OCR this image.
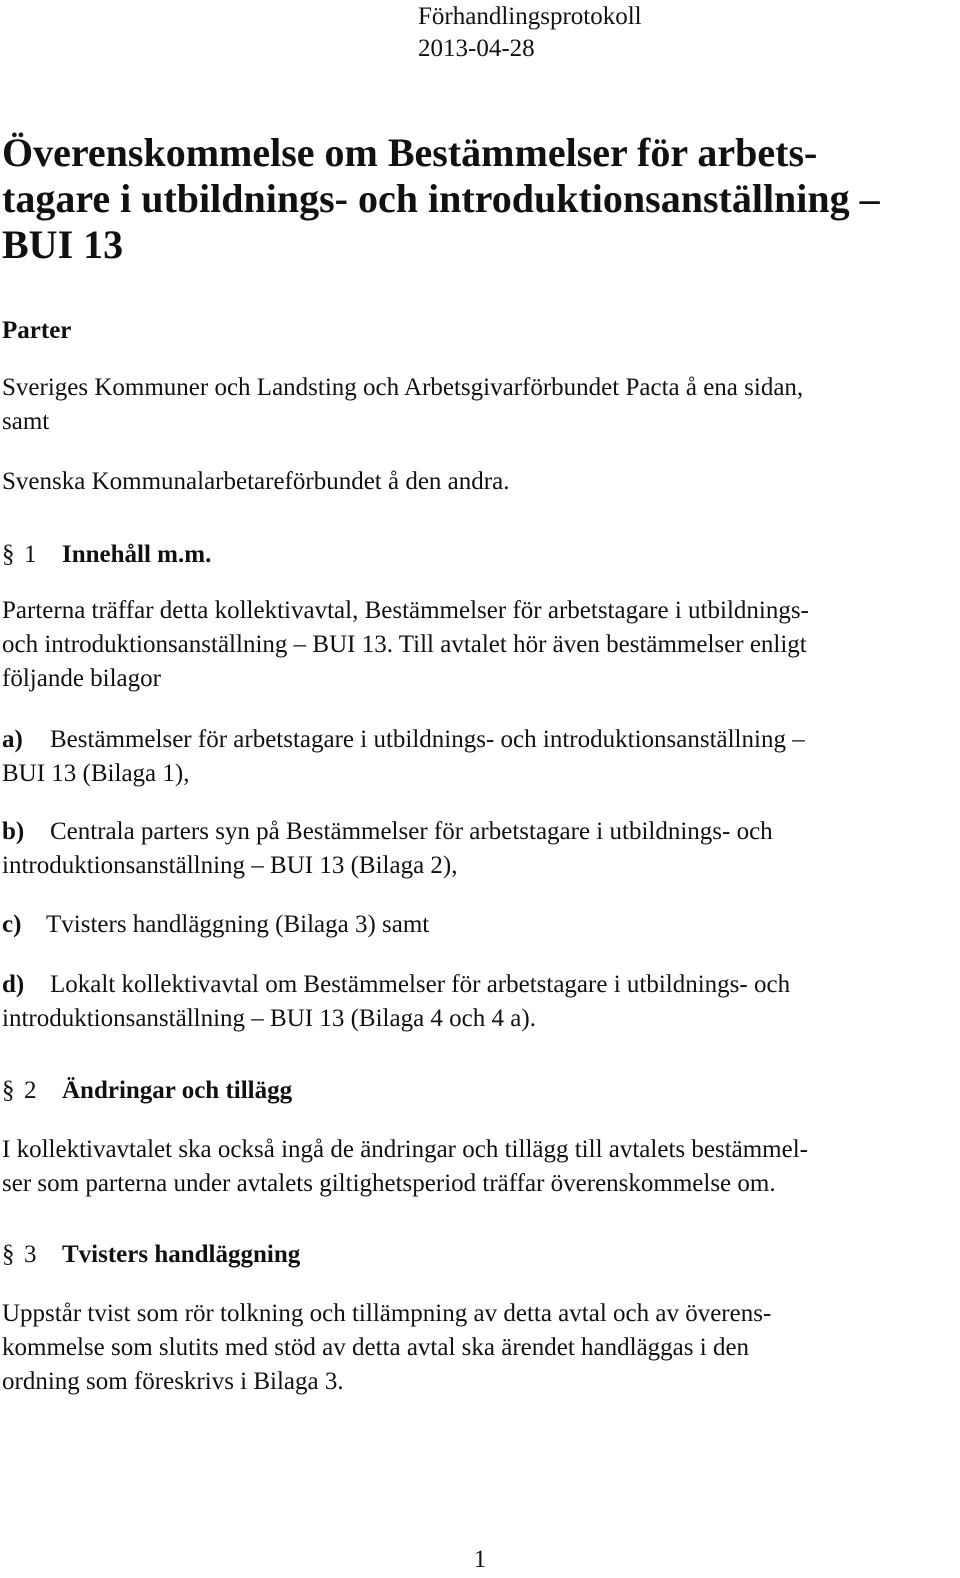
Förhandlingsprotokoll
2013-04-28
Överenskommelse om Bestämmelser för arbets-
tagare i utbildnings- och introduktionsanställning –
BUI 13
Parter
Sveriges Kommuner och Landsting och Arbetsgivarförbundet Pacta å ena sidan,
samt
Svenska Kommunalarbetareförbundet å den andra.
§ 1 Innehåll m.m.
Parterna träffar detta kollektivavtal, Bestämmelser för arbetstagare i utbildnings-
och introduktionsanställning – BUI 13. Till avtalet hör även bestämmelser enligt
följande bilagor
a) Bestämmelser för arbetstagare i utbildnings- och introduktionsanställning –
BUI 13 (Bilaga 1),
b) Centrala parters syn på Bestämmelser för arbetstagare i utbildnings- och
introduktionsanställning – BUI 13 (Bilaga 2),
c) Tvisters handläggning (Bilaga 3) samt
d) Lokalt kollektivavtal om Bestämmelser för arbetstagare i utbildnings- och
introduktionsanställning – BUI 13 (Bilaga 4 och 4 a).
§ 2 Ändringar och tillägg
I kollektivavtalet ska också ingå de ändringar och tillägg till avtalets bestämmel-
ser som parterna under avtalets giltighetsperiod träffar överenskommelse om.
§ 3 Tvisters handläggning
Uppstår tvist som rör tolkning och tillämpning av detta avtal och av överens-
kommelse som slutits med stöd av detta avtal ska ärendet handläggas i den
ordning som föreskrivs i Bilaga 3.
1
